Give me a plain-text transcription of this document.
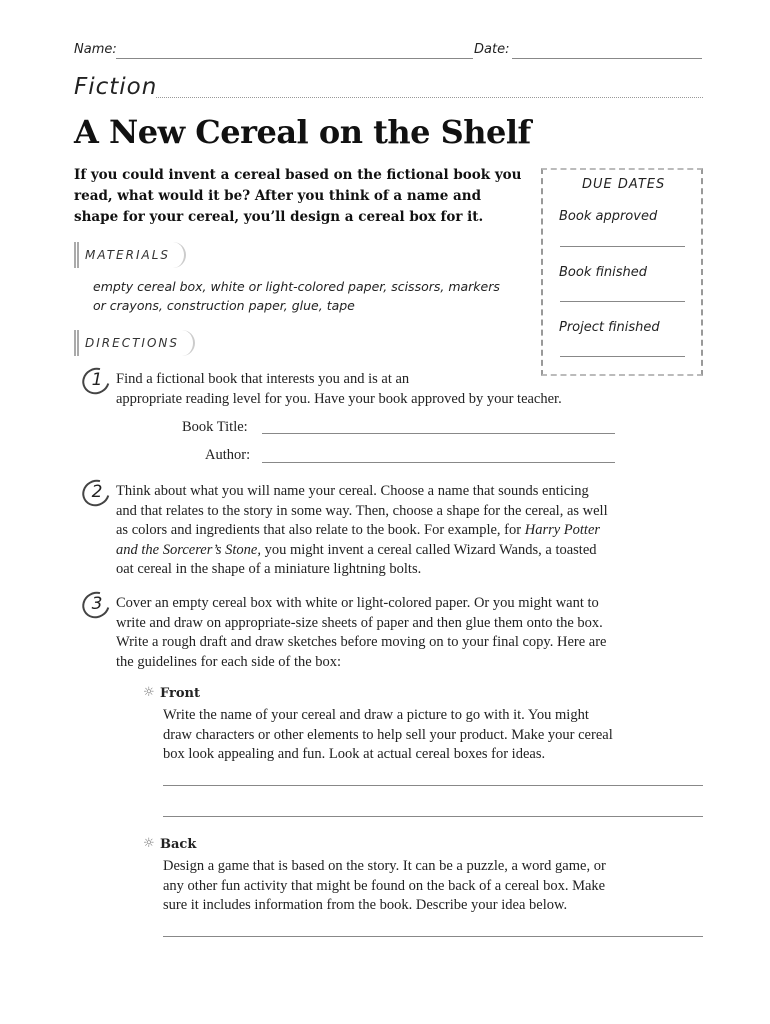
Name:	Date:
Fiction
A New Cereal on the Shelf
If you could invent a cereal based on the fictional book you
read, what would it be? After you think of a name and
shape for your cereal, you’ll design a cereal box for it.
DUE DATES
Book approved
Book finished
Project finished
MATERIALS
empty cereal box, white or light-colored paper, scissors, markers
or crayons, construction paper, glue, tape
DIRECTIONS
1 Find a fictional book that interests you and is at an
appropriate reading level for you. Have your book approved by your teacher.
Book Title:
Author:
2 Think about what you will name your cereal. Choose a name that sounds enticing
and that relates to the story in some way. Then, choose a shape for the cereal, as well
as colors and ingredients that also relate to the book. For example, for Harry Potter
and the Sorcerer’s Stone, you might invent a cereal called Wizard Wands, a toasted
oat cereal in the shape of a miniature lightning bolts.
3 Cover an empty cereal box with white or light-colored paper. Or you might want to
write and draw on appropriate-size sheets of paper and then glue them onto the box.
Write a rough draft and draw sketches before moving on to your final copy. Here are
the guidelines for each side of the box:
☼ Front
Write the name of your cereal and draw a picture to go with it. You might
draw characters or other elements to help sell your product. Make your cereal
box look appealing and fun. Look at actual cereal boxes for ideas.
☼ Back
Design a game that is based on the story. It can be a puzzle, a word game, or
any other fun activity that might be found on the back of a cereal box. Make
sure it includes information from the book. Describe your idea below.
